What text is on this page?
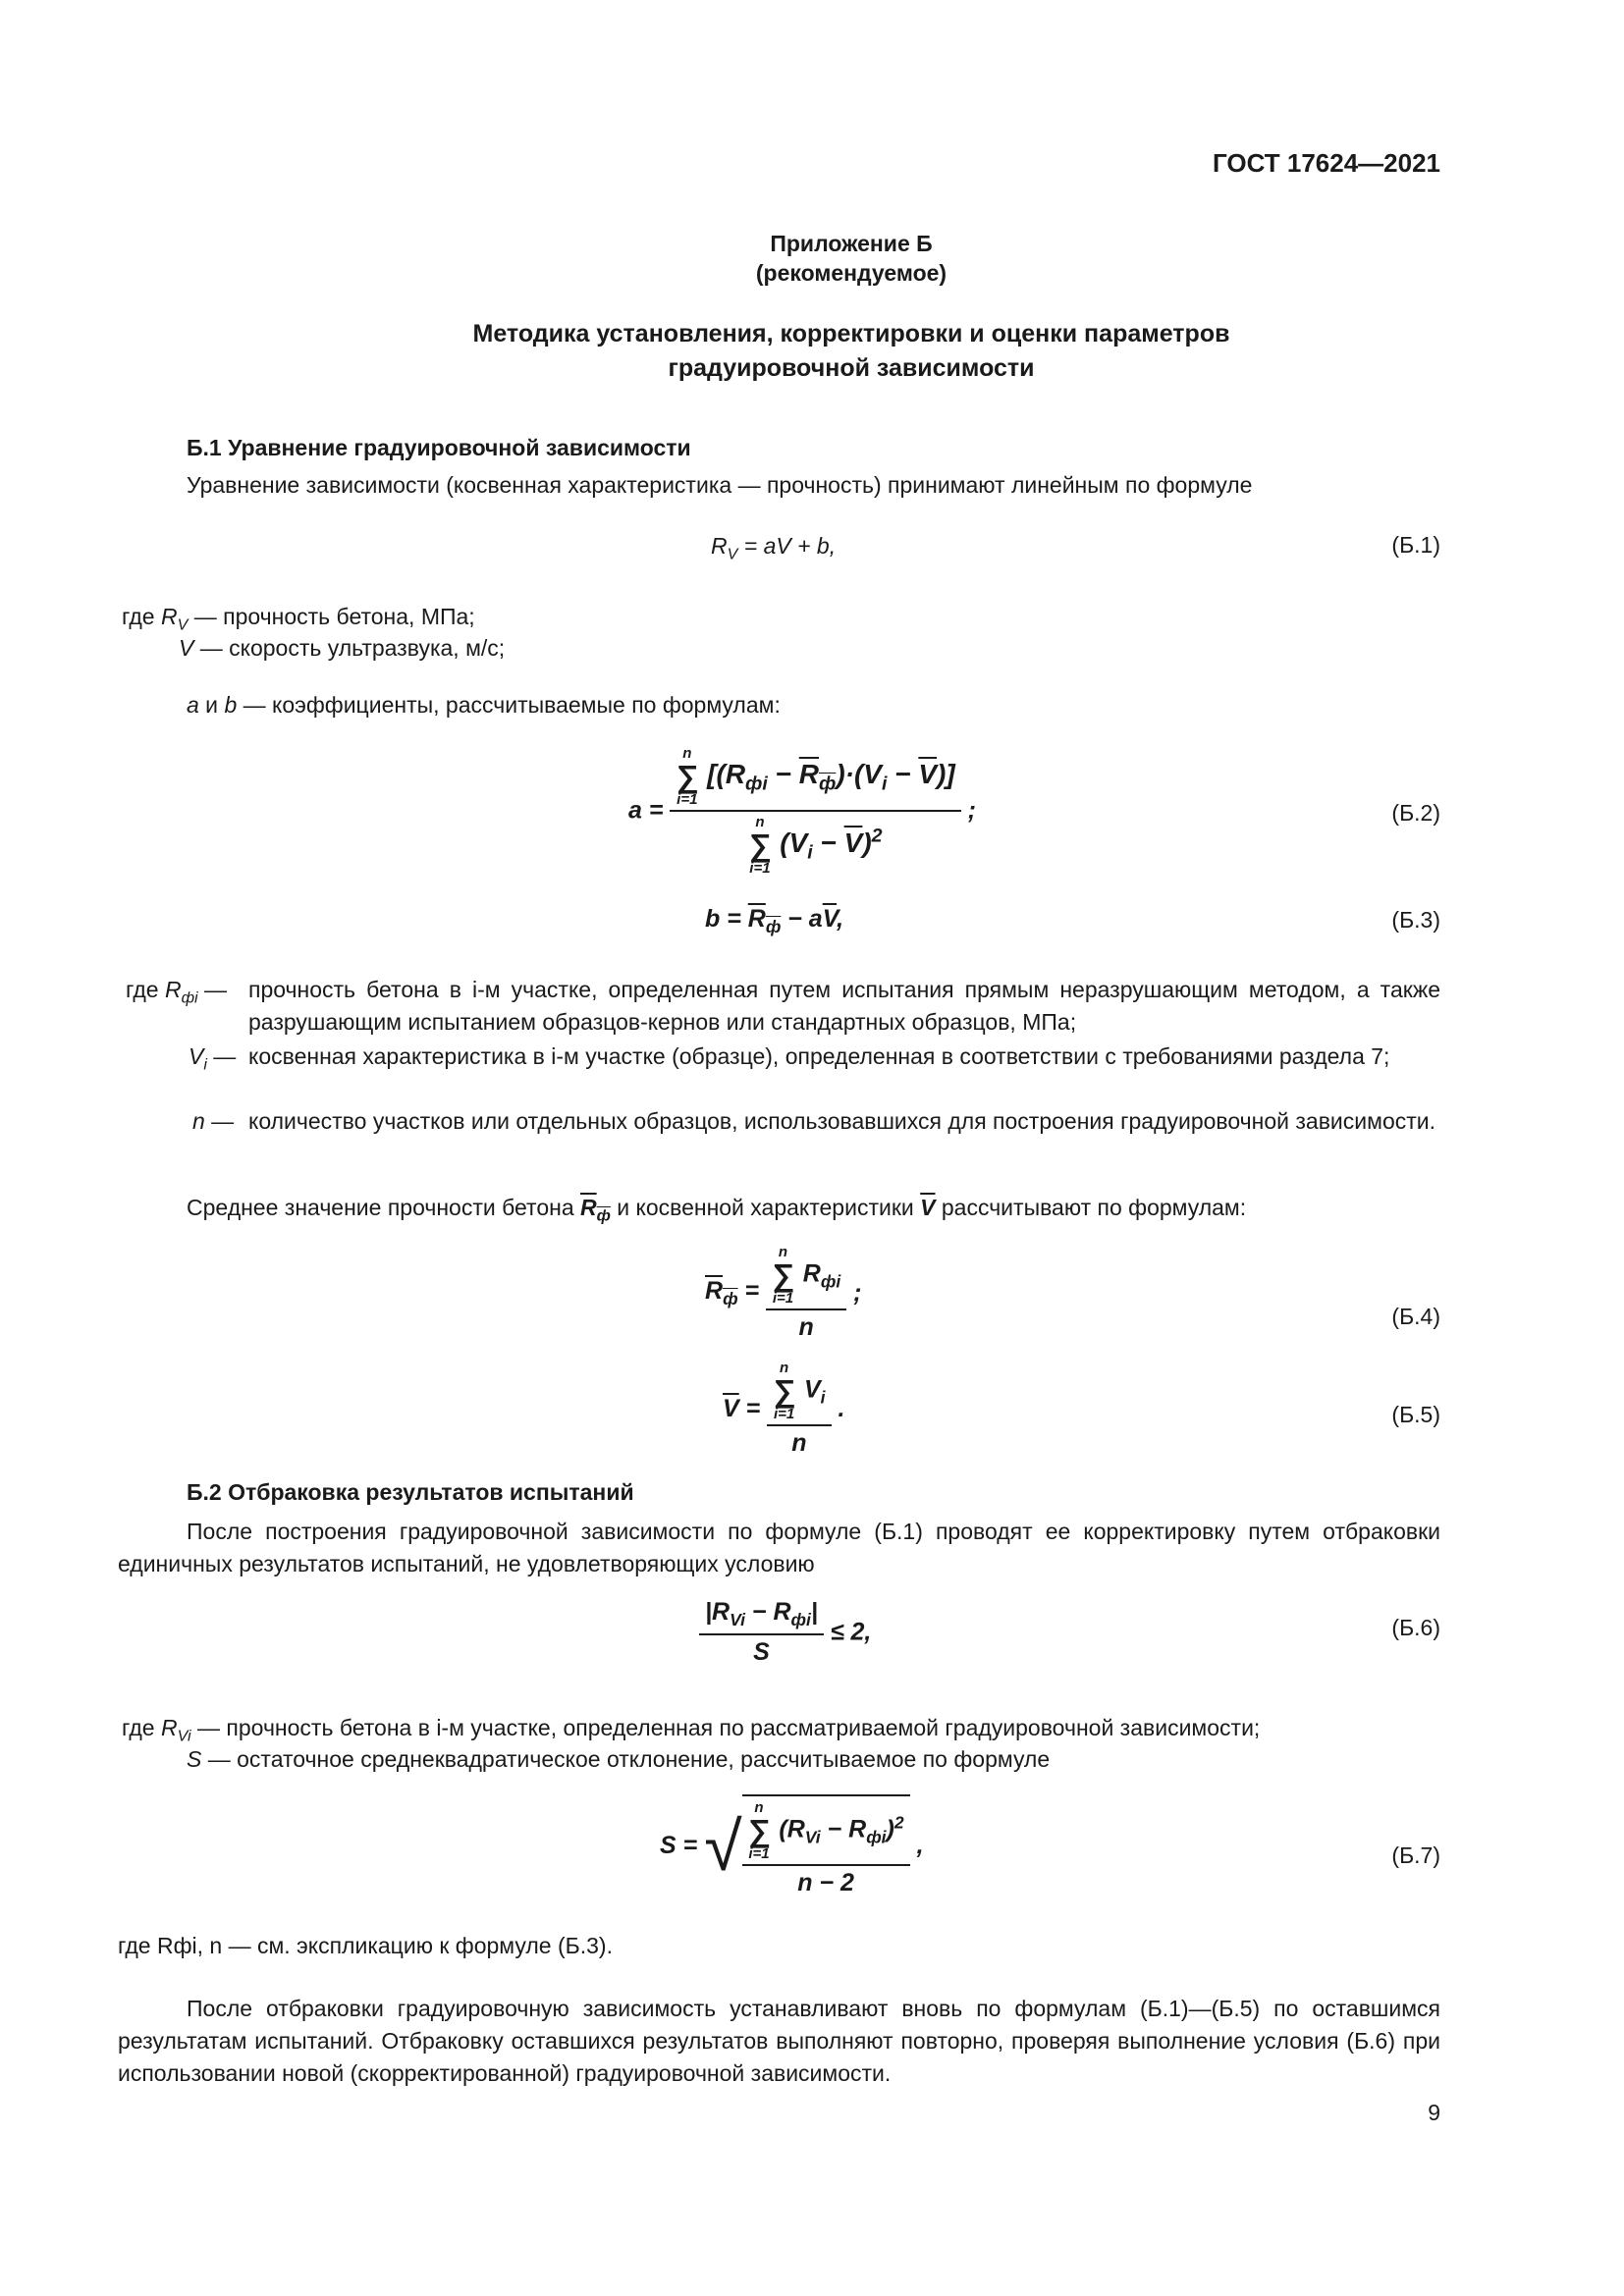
ГОСТ 17624—2021
Приложение Б
(рекомендуемое)
Методика установления, корректировки и оценки параметров
градуировочной зависимости
Б.1 Уравнение градуировочной зависимости
Уравнение зависимости (косвенная характеристика — прочность) принимают линейным по формуле
$R_V$ = aV + b,	(Б.1)
где $R_V$ — прочность бетона, МПа;
V — скорость ультразвука, м/с;
a и b — коэффициенты, рассчитываемые по формулам:
a = n
∑
i=1
$[(R_{фi} - \overline{R}_ф)\cdot(V_i - \overline{V})]$
n
∑
i=1
$(V_i - \overline{V})^2$ ;	(Б.2)
$b = \overline{R}_ф - a\overline{V}$,	(Б.3)
где $R_{фi}$ — прочность бетона в i-м участке, определенная путем испытания прямым неразрушающим методом, а также разрушающим испытанием образцов-кернов или стандартных образцов, МПа;
$V_i$ — косвенная характеристика в i-м участке (образце), определенная в соответствии с требованиями раздела 7;
n — количество участков или отдельных образцов, использовавшихся для построения градуировочной зависимости.
Среднее значение прочности бетона $\overline{R}_ф$ и косвенной характеристики $\overline{V}$ рассчитывают по формулам:
$\overline{R}_ф = n$
∑
i=1
$R_{фi}$
n ;
(Б.4)
$\overline{V} = n$
∑
i=1
$V_i$
n .	(Б.5)
Б.2 Отбраковка результатов испытаний
После построения градуировочной зависимости по формуле (Б.1) проводят ее корректировку путем отбраковки единичных результатов испытаний, не удовлетворяющих условию
$\frac{|R_{Vi} - R_{фi}|}{S} \le 2$,	(Б.6)
где $R_{Vi}$ — прочность бетона в i-м участке, определенная по рассматриваемой градуировочной зависимости;
S — остаточное среднеквадратическое отклонение, рассчитываемое по формуле
S = √ n
∑
i=1
$(R_{Vi} - R_{фi})^2$
n − 2 ,	(Б.7)
где Rфi, n — см. экспликацию к формуле (Б.3).
После отбраковки градуировочную зависимость устанавливают вновь по формулам (Б.1)—(Б.5) по оставшимся результатам испытаний. Отбраковку оставшихся результатов выполняют повторно, проверяя выполнение условия (Б.6) при использовании новой (скорректированной) градуировочной зависимости.
9
